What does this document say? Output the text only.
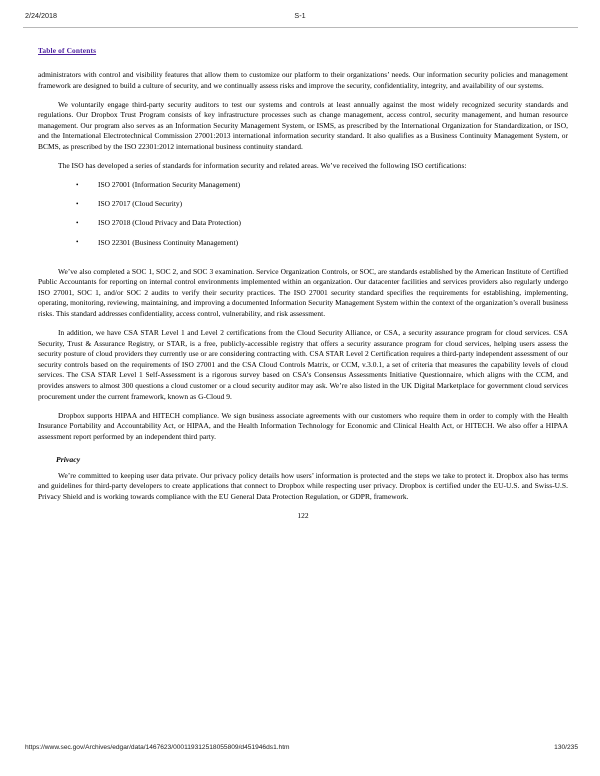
2/24/2018	S-1
Table of Contents

administrators with control and visibility features that allow them to customize our platform to their organizations’ needs. Our information security policies and management framework are designed to build a culture of security, and we continually assess risks and improve the security, confidentiality, integrity, and availability of our systems.

We voluntarily engage third-party security auditors to test our systems and controls at least annually against the most widely recognized security standards and regulations. Our Dropbox Trust Program consists of key infrastructure processes such as change management, access control, security management, and human resource management. Our program also serves as an Information Security Management System, or ISMS, as prescribed by the International Organization for Standardization, or ISO, and the International Electrotechnical Commission 27001:2013 international information security standard. It also qualifies as a Business Continuity Management System, or BCMS, as prescribed by the ISO 22301:2012 international business continuity standard.

The ISO has developed a series of standards for information security and related areas. We’ve received the following ISO certifications:

•	ISO 27001 (Information Security Management)
•	ISO 27017 (Cloud Security)
•	ISO 27018 (Cloud Privacy and Data Protection)
•	ISO 22301 (Business Continuity Management)

We’ve also completed a SOC 1, SOC 2, and SOC 3 examination. Service Organization Controls, or SOC, are standards established by the American Institute of Certified Public Accountants for reporting on internal control environments implemented within an organization. Our datacenter facilities and services providers also regularly undergo ISO 27001, SOC 1, and/or SOC 2 audits to verify their security practices. The ISO 27001 security standard specifies the requirements for establishing, implementing, operating, monitoring, reviewing, maintaining, and improving a documented Information Security Management System within the context of the organization’s overall business risks. This standard addresses confidentiality, access control, vulnerability, and risk assessment.

In addition, we have CSA STAR Level 1 and Level 2 certifications from the Cloud Security Alliance, or CSA, a security assurance program for cloud services. CSA Security, Trust & Assurance Registry, or STAR, is a free, publicly-accessible registry that offers a security assurance program for cloud services, helping users assess the security posture of cloud providers they currently use or are considering contracting with. CSA STAR Level 2 Certification requires a third-party independent assessment of our security controls based on the requirements of ISO 27001 and the CSA Cloud Controls Matrix, or CCM, v.3.0.1, a set of criteria that measures the capability levels of cloud services. The CSA STAR Level 1 Self-Assessment is a rigorous survey based on CSA’s Consensus Assessments Initiative Questionnaire, which aligns with the CCM, and provides answers to almost 300 questions a cloud customer or a cloud security auditor may ask. We’re also listed in the UK Digital Marketplace for government cloud services procurement under the current framework, known as G-Cloud 9.

Dropbox supports HIPAA and HITECH compliance. We sign business associate agreements with our customers who require them in order to comply with the Health Insurance Portability and Accountability Act, or HIPAA, and the Health Information Technology for Economic and Clinical Health Act, or HITECH. We also offer a HIPAA assessment report performed by an independent third party.

Privacy

We’re committed to keeping user data private. Our privacy policy details how users’ information is protected and the steps we take to protect it. Dropbox also has terms and guidelines for third-party developers to create applications that connect to Dropbox while respecting user privacy. Dropbox is certified under the EU-U.S. and Swiss-U.S. Privacy Shield and is working towards compliance with the EU General Data Protection Regulation, or GDPR, framework.

122
https://www.sec.gov/Archives/edgar/data/1467623/000119312518055809/d451946ds1.htm	130/235
